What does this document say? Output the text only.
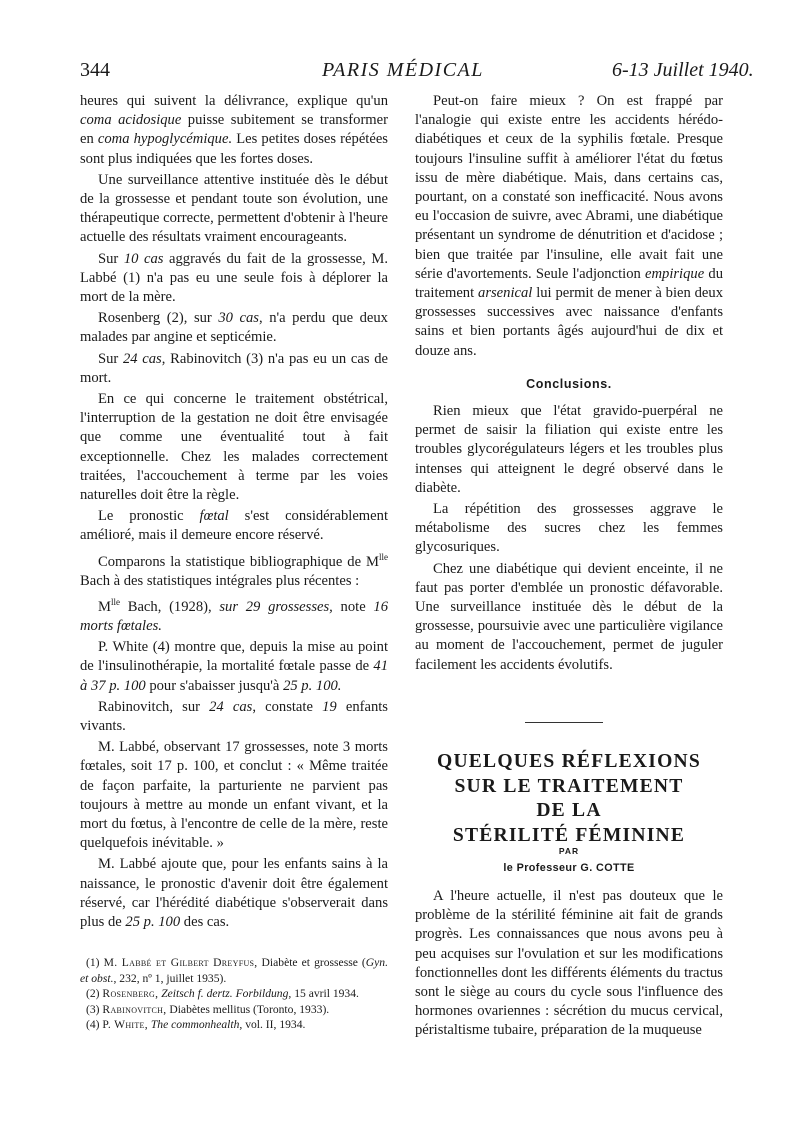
344	PARIS MÉDICAL	6-13 Juillet 1940.

heures qui suivent la délivrance, explique qu'un coma acidosique puisse subitement se transformer en coma hypoglycémique. Les petites doses répétées sont plus indiquées que les fortes doses.

Une surveillance attentive instituée dès le début de la grossesse et pendant toute son évolution, une thérapeutique correcte, permettent d'obtenir à l'heure actuelle des résultats vraiment encourageants.

Sur 10 cas aggravés du fait de la grossesse, M. Labbé (1) n'a pas eu une seule fois à déplorer la mort de la mère.

Rosenberg (2), sur 30 cas, n'a perdu que deux malades par angine et septicémie.

Sur 24 cas, Rabinovitch (3) n'a pas eu un cas de mort.

En ce qui concerne le traitement obstétrical, l'interruption de la gestation ne doit être envisagée que comme une éventualité tout à fait exceptionnelle. Chez les malades correctement traitées, l'accouchement à terme par les voies naturelles doit être la règle.

Le pronostic fœtal s'est considérablement amélioré, mais il demeure encore réservé.

Comparons la statistique bibliographique de $M^{lle}$ Bach à des statistiques intégrales plus récentes :

$M^{lle}$ Bach, (1928), sur 29 grossesses, note 16 morts fœtales.

P. White (4) montre que, depuis la mise au point de l'insulinothérapie, la mortalité fœtale passe de 41 à 37 p. 100 pour s'abaisser jusqu'à 25 p. 100.

Rabinovitch, sur 24 cas, constate 19 enfants vivants.

M. Labbé, observant 17 grossesses, note 3 morts fœtales, soit 17 p. 100, et conclut : « Même traitée de façon parfaite, la parturiente ne parvient pas toujours à mettre au monde un enfant vivant, et la mort du fœtus, à l'encontre de celle de la mère, reste quelquefois inévitable. »

M. Labbé ajoute que, pour les enfants sains à la naissance, le pronostic d'avenir doit être également réservé, car l'hérédité diabétique s'observerait dans plus de 25 p. 100 des cas.

(1) M. Labbé et Gilbert Dreyfus, Diabète et grossesse (Gyn. et obst., 232, nº 1, juillet 1935).

(2) Rosenberg, Zeitsch f. dertz. Forbildung, 15 avril 1934.

(3) Rabinovitch, Diabètes mellitus (Toronto, 1933).

(4) P. White, The commonhealth, vol. II, 1934.

Peut-on faire mieux ? On est frappé par l'analogie qui existe entre les accidents hérédo-diabétiques et ceux de la syphilis fœtale. Presque toujours l'insuline suffit à améliorer l'état du fœtus issu de mère diabétique. Mais, dans certains cas, pourtant, on a constaté son inefficacité. Nous avons eu l'occasion de suivre, avec Abrami, une diabétique présentant un syndrome de dénutrition et d'acidose ; bien que traitée par l'insuline, elle avait fait une série d'avortements. Seule l'adjonction empirique du traitement arsenical lui permit de mener à bien deux grossesses successives avec naissance d'enfants sains et bien portants âgés aujourd'hui de dix et douze ans.

Conclusions.

Rien mieux que l'état gravido-puerpéral ne permet de saisir la filiation qui existe entre les troubles glycorégulateurs légers et les troubles plus intenses qui atteignent le degré observé dans le diabète.

La répétition des grossesses aggrave le métabolisme des sucres chez les femmes glycosuriques.

Chez une diabétique qui devient enceinte, il ne faut pas porter d'emblée un pronostic défavorable. Une surveillance instituée dès le début de la grossesse, poursuivie avec une particulière vigilance au moment de l'accouchement, permet de juguler facilement les accidents évolutifs.

QUELQUES RÉFLEXIONS
SUR LE TRAITEMENT
DE LA
STÉRILITÉ FÉMININE
PAR
le Professeur G. COTTE

A l'heure actuelle, il n'est pas douteux que le problème de la stérilité féminine ait fait de grands progrès. Les connaissances que nous avons peu à peu acquises sur l'ovulation et sur les modifications fonctionnelles dont les différents éléments du tractus sont le siège au cours du cycle sous l'influence des hormones ovariennes : sécrétion du mucus cervical, péristaltisme tubaire, préparation de la muqueuse
